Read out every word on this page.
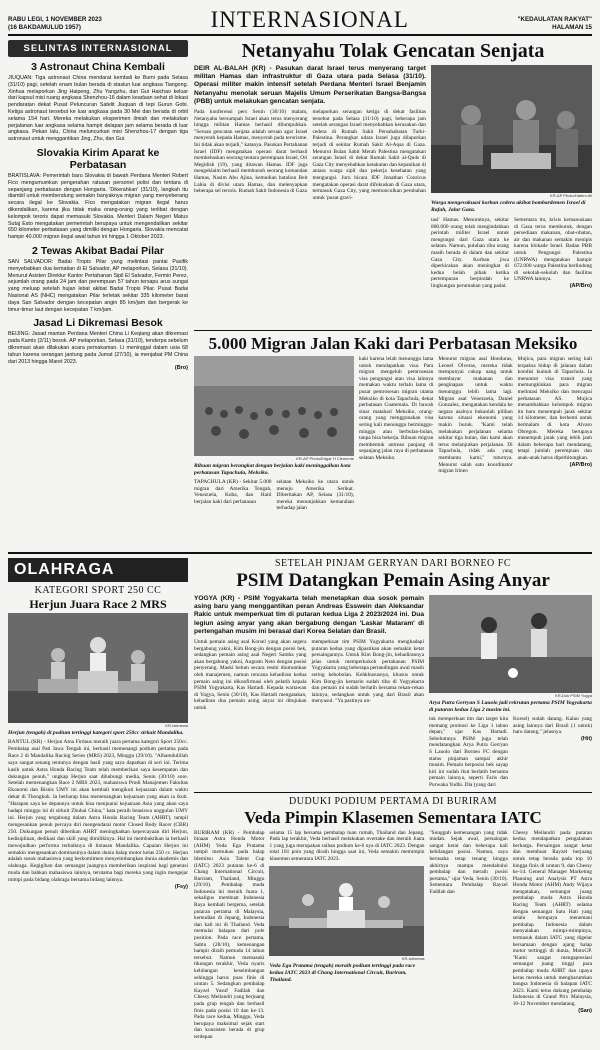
RABU LEGI, 1 NOVEMBER 2023
(16 BAKDAMULUD 1957)	INTERNASIONAL	"KEDAULATAN RAKYAT"
HALAMAN 15
SELINTAS INTERNASIONAL
3 Astronaut China Kembali

JIUQUAN: Tiga astronaut China mendarat kembali ke Bumi pada Selasa (31/10) pagi, setelah enam bulan berada di stasiun luar angkasa Tiangong. Xinhua melaporkan Jing Haipeng, Zhu Yangzhu, dan Gui Haichao keluar dari kapsul misi ruang angkasa Shenzhou-16 dalam keadaan sehat di lokasi pendaratan dekat Pusat Peluncuran Satelit Jiuquan di tepi Gurun Gobi. Ketiga astronaut tersebut ke luar angkasa pada 30 Mei dan berada di orbit selama 154 hari. Mereka melakukan eksperimen ilmiah dan melakukan perjalanan luar angkasa selama hampir delapan jam selama berada di luar angkasa. Pekan lalu, China meluncurkan misi Shenzhou-17 dengan tiga astronaut untuk menggantikan Jing, Zhu, dan Gui.

Slovakia Kirim Aparat ke Perbatasan

BRATISLAVA: Pemerintah baru Slovakia di bawah Perdana Menteri Robert Fico mengumumkan pengerahan ratusan personel polisi dan tentara di sepanjang perbatasan dengan Hongaria. 'Dikerahkan' (31/10), langkah itu diambil untuk membendung semakin banyaknya migran yang menyeberang secara ilegal ke Slovakia. Fico mengatakan migran ilegal harus dikendalikan, karena jika tidak maka orang-orang yang terlibat dengan kelompok teroris dapat memasuki Slovakia. Menteri Dalam Negeri Matus Sutaj Esto mengatakan pemerintah berupaya untuk mengendalikan sekitar 650 kilometer perbatasan yang dimiliki dengan Hongaria. Slovakia mencatat hampir 40.000 migran ilegal awal tahun ini hingga 1 Oktober 2023.

2 Tewas Akibat Badai Pilar

SAN SALVADOR: Badai Tropis Pilar yang melintasi pantai Pasifik menyebabkan dua kematian di El Salvador, AP melaporkan, Selasa (31/10). Menurut Asisten Direktur Kantor Pertahanan Sipil El Salvador, Fermin Perez, sejumlah orang pada 24 jam dan perempuan 57 tahun tersapu arus sungai yang meluap setelah hujan lebat akibat Badai Tropis Pilar. Pusat Badai Nasional AS (NHC) mengatakan Pilar terletak sekitar 335 kilometer barat daya San Salvador dengan kecepatan angin 85 km/jam dan bergerak ke timur-timur laut dengan kecepatan 7 km/jam.

Jasad Li Dikremasi Besok

BEIJING: Jasad mantan Perdana Menteri China Li Keqiang akan dikremasi pada Kamis (2/11) besok. AP melaporkan, Selasa (31/10), tenderpa sebelum dikremasi akan dilakukan acara pemakaman. Li meninggal dalam usia 68 tahun karena serangan jantung pada Jumat (27/10), ia menjabat PM China dari 2013 hingga Maret 2023.

(Bro)

Netanyahu Tolak Gencatan Senjata

DEIR AL-BALAH (KR) - Pasukan darat Israel terus menyerang target militan Hamas dan infrastruktur di Gaza utara pada Selasa (31/10). Operasi militer makin intensif setelah Perdana Menteri Israel Benjamin Netanyahu menolak seruan Majelis Umum Perserikatan Bangsa-Bangsa (PBB) untuk melakukan gencatan senjata.

Pada konferensi pers Senin (30/10) malam, Netanyahu bersumpah Israel akan terus menyerang hingga militan Hamas berhasil dilumpuhkan. "Seruan gencatan senjata adalah seruan agar Israel menyerah kepada Hamas, menyerah pada terorisme. Ini tidak akan terjadi," katanya. Pasukan Pertahanan Israel (IDF) mengatakan operasi darat berhasil membebaskan seorang tentara perempuan Israel, Ori Megidish (19), yang ditawan Hamas. IDF juga mengeklaim berhasil membunuh seorang komandan Hamas, Nasim Abu Ajina, kemudian batalion Beit Lahia di divisi utara Hamas, dan melenyapkan beberapa sel teroris. Rumah Sakit Indonesia di Gaza

melaporkan serangan ketiga di dekat fasilitas tersebut pada Selasa (31/10) pagi, beberapa jam setelah serangan Israel menyebabkan kerusakan dan cedera di Rumah Sakit Persahabatan Turki-Palestina. Perangkat udara Israel juga dilaporkan terjadi di sekitar Rumah Sakit Al-Aqsa di Gaza. Menurut Bulan Sabit Merah Palestina mengatakan serangan Israel di dekat Rumah Sakit al-Quds di Gaza City menyebabkan ketakutan dan kepanikan di antara warga sipil dan pekerja kesehatan yang mengungsi. Juru bicara IDF Jonathan Conricus mengatakan operasi darat difokuskan di Gaza utara, termasuk Gaza City, yang memunculkan perubahan untuk 'pusat gravi-	KR-AP Photo/Hatem Ali
Warga mengevakuasi korban cedera akibat bombardemen Israel di Rafah, Jalur Gaza.

tasi' Hamas. Menurutnya, sekitar 800.000 orang telah mengindahkan perintah militer Israel untuk mengungsi dari Gaza utara ke selatan. Namun, puluhan ribu orang masih berada di dalam dan sekitar Gaza City. Korban jiwa diperkirakan akan meningkat di kedua belah pihak ketika pertempuran berpindah ke lingkungan perumahan yang padat.

Sementara itu, krisis kemanusiaan di Gaza terus memburuk, dengan persediaan makanan, obat-obatan, air dan makanan semakin menipis karena blokade Israel. Badan PBB untuk Pengungsi Palestina (UNRWA) mengatakan hampir 672.000 warga Palestina berlindung di sekolah-sekolah dan fasilitas UNRWA lainnya.

(AP/Bro)

5.000 Migran Jalan Kaki dari Perbatasan Meksiko
KR-AP Photo/Edgar H Clemente
Ribuan migran berangkat dengan berjalan kaki meninggalkan kota perbatasan Tapachula, Meksiko.

TAPACHULA (KR) - Sekitar 5.000 migran dari Amerika Tengah, Venezuela, Kuba, dan Haiti berjalan kaki dari perbatasan

selatan Meksiko ke utara untuk menuju Amerika Serikat. Diberitakan AP, Selasa (31/10), mereka menunjukkan kemarahan terhadap jalan

kaki karena lelah menunggu lama untuk mendapatkan visa. Para migran mengeluh pemrosesan visa pengungsi atau visa lainnya memakan waktu terlalu lama di pusat pemrosesan migran utama Meksiko di kota Tapachula, dekat perbatasan Guatemala. Di bawah sinar matahari Meksiko, orang-orang yang menggunakan visa sering kali menunggu berminggu-minggu atau berbulan-bulan, tanpa bisa bekerja. Ribuan migran membentuk antrean panjang di sepanjang jalan raya di perbatasan selatan Meksiko.

Menurut migran asal Honduras, Leonel Olveras, mereka tidak mempunyai cukup uang untuk membayar makanan dan penginapan untuk waktu menunggu lebih lama lagi. Migran asal Venezuela, Daniel Gonzalez, mengatakan kendala ke negara asalnya bukanlah pilihan karena situasi ekonomi yang makin buruk. "Kami telah melakukan perjalanan selama sekitar tiga bulan, dan kami akan terus melanjutkan perjalanan. Di Tapachula, tidak ada yang membantu kami," tuturnya. Menurut salah satu koordinator migran Irineo

Mujica, para migran sering kali terpaksa hidup di jalanan dalam kondisi kumuh di Tapachula. Ia menuntut visa transit yang memungkinkan para migran melintasi Meksiko dan mencapai perbatasan AS. Mujica menambahkan kelompok migran itu baru menempuh jarak sekitar 14 kilometer, dan berhenti untuk bermalam di kota Alvaro Obregon. Mereka berupaya menempuh jarak yang lebih jauh dalam beberapa hari mendatang, tetapi jumlah perempuan dan anak-anak harus diperhitungkan.

(AP/Bro)

OLAHRAGA
KATEGORI SPORT 250 CC
Herjun Juara Race 2 MRS
KR-Istimewa
Herjun (tengah) di podium tertinggi kategori sport 250cc sirkuit Mandalika.

BANTUL (KR) - Herjun Atna Firdaus meraih juara pertama kategori Sport 250cc. Pembalap asal Pati Jawa Tengah ini, berhasil memenangi podium pertama pada Race 2 di Mandalika Racing Series (MRS) 2023, Minggu (29/10). "Alhamdulillah saya sangat senang tentunya dengan hasil yang saya dapatkan di seri ini. Terima kasih untuk Astra Honda Racing Team telah memberikan saya kesempatan dan dukungan penuh," ungkap Herjun saat dihubungi media, Senin (30/10) sore. Setelah memenangkan Race 2 MRS 2023, mahasiswa Prodi Manajemen Fakultas Ekonomi dan Bisnis UMY ini akan kembali mengikuti kejuaraan dalam waktu dekat di Thongkok. Ia berharap bisa memenangkan kejuaraan yang akan ia ikuti. "Harapan saya ke depannya untuk bisa menjuarai kejuaraan Asia yang akan saya hadapi minggu ini di sirkuit Zhuhai China," kata peraih beasiswa unggulan UMY ini. Herjun yang tergabung dalam Astra Honda Racing Team (AHRT), tampil mengesankan penuh percaya diri mengendarai motor Closed Body Racer (CBR) 250. Dukungan penuh diberikan AHRT meningkatkan kepercayaan diri Herjun, kedisiplinan, dedikasi dan skill yang dimilikinya. Hal ini membuktikan ia berhasil mewujudkan performa terbaiknya di lintasan Mandalika. Capaian Herjun ini semakin mengesankan dominasinya dalam dunia balap motor kelas 250 cc. Herjun adalah sosok mahasiswa yang berkomitmen menyeimbangkan dunia akademis dan olahraga. Kegigihan dan semangat juangnya memberikan inspirasi bagi generasi muda dan bahkan mahasiswa lainnya, terutama bagi mereka yang ingin mengejar mimpi pada bidang olahraga bersama bidang lainnya.

(Fsy)

SETELAH PINJAM GERRYAN DARI BORNEO FC
PSIM Datangkan Pemain Asing Anyar

YOGYA (KR) - PSIM Yogyakarta telah menetapkan dua sosok pemain asing baru yang menggantikan peran Andreas Esswein dan Aleksandar Rakic untuk memperkuat tim di putaran kedua Liga 2 2023/2024 ini. Dua legiun asing anyar yang akan bergabung dengan 'Laskar Mataram' di pertengahan musim ini berasal dari Korea Selatan dan Brasil.

Untuk pemain asing asal Korsel yang akan segera bergabung yakni, Kim Bong-jin dengan posisi bek, sedangkan pemain asing asal Negeri Samba yang akan bergabung yakni, Augusto Neto dengan posisi penyerang. Maski belum secara resmi diumumkan oleh manajemen, namun rencana kehadiran kedua pemain asing ini dikonfirmasi oleh pelatih kepala PSIM Yogyakarta, Kas Hartadi. Kepada wartawan di Yogya, Senin (30/10), Kas Hartadi mengatakan, kehadiran dua pemain asing anyar ini ditujukan untuk

memperkuat tim PSIM Yogyakarta menghadapi putaran kedua yang dipastikan akan semakin ketat persaingannya. Untuk Kim Bong-jin, kehadirannya jelas untuk memperkokoh pertahanan PSIM Yogyakarta yang beberapa pertandingan awal masih sering kebobolan. Kehkhususnya, khusus untuk Kim Bong-jin kemarin sudah tiba di Yogyakarta dan pemain ini sudah berlatih bersama rekan-rekan lainnya, sedangkan untuk yang dari Brasil akan menyusul. "Ya pastinya un-

KR-Dok PSIM Yogya
Arya Putra Gerryan S Lauolo jadi rekrutan pertama PSIM Yogyakarta di putaran kedua Liga 2 musim ini.

tuk memperkuat tim dan target kita memang promosi ke Liga 1 tahun depan," ujar Kas Hartadi. Sebelumnya PSIM juga telah mendatangkan Arya Putra Gerryan S Lauolo dari Borneo FC dengan status pinjaman sampai akhir musim. Pemain berposisi bek sayap kiri ini sudah ikut berlatih bersama pemain lainnya, seperti Faris dan Purwaka Yudhi. Dia (yang dari

Korsel) sudah datang. Kalau yang asing lainnya dari Brasil (1 untuk) baru datang," jelasnya.

(Hit)

DUDUKI PODIUM PERTAMA DI BURIRAM
Veda Pimpin Klasemen Sementara IATC

BURIRAM (KR) - Pembalap binaan Astra Honda Motor (AHM) Veda Ega Pratama tampil memukau pada balap Idemitsu Asia Talent Cup (IATC) 2023 putaran ke-6 di Chang International Circuit, Buriram, Thailand, Minggu (29/10). Pembalap muda Indonesia ini meraih Juara 1, sekaligus membuat Indonesia Raya kembali bergema, setelah putaran pertama di Malaysia, kemudian di Jepang, Indonesia dan kali ini di Thailand. Veda memulai balapan dari pole position. Pada race pertama, Sabtu (28/10), kemenangan hampir diraih pemuda 14 tahun tersebut. Namun memasuki tikungan terakhir, Veda nyaris kehilangan keseimbangan sehingga harus puas finis di urutan 5. Sedangkan pembalap Kayzel Yusuf Fadilah dan Chessy Meilandri yang berjuang pada grup tengah dan berhasil finis pada posisi 10 dan ke-13. Pada race kedua, Minggu, Veda berupaya maksimal sejak start dan konsisten berada di grup terdepan

selama 15 lap bersama pembalap tuan rumah, Thailand dan Jepang. Pada lap terakhir, Veda berhasil melakukan overtake dan meraih Juara 1 yang juga merupakan raihan podium ke-6 nya di IATC 2023. Dengan total 181 poin yang diraih hingga saat ini, Veda semakin memimpin klasemen sementara IATC 2023.

KR-Istimewa
Veda Ega Pratama (tengah) meraih podium tertinggi pada race kedua IATC 2023 di Chang International Circuit, Buriram, Thailand.

"Sungguh kemenangan yang tidak mudah. Sejak awal, persaingan sangat ketat dan beberapa kali kehilangan posisi. Namun, saya berusaha tetap tenang hingga akhirnya mampu mendahului pembalap dan meraih posisi pertama," ujar Veda, Senin (30/10). Sementara Pembalap Rayzel Fadilah dan

Chessy Meilandri pada putaran kedua mendapatkan pengalaman berharga. Persaingan sangat ketat dan membuat Rayzel berjuang untuk tetap berada pada top 10 hingga finis di urutan 9, dan Chessy ke-14. General Manager Marketing Planning and Analysis PT Astra Honda Motor (AHM) Andy Wijaya mengatakan, semangat juang pembalap muda Astra Honda Racing Team (AHRT) selama dengan semangat Satu Hati yang selalu berupaya menemani pembalap Indonesia dalam menyalakan mimpi-mimpinya, termasuk dalam IATC yang digelar bersamaan dengan ajang balap motor tertinggi di dunia, MotoGP. "Kami sangat mengapresiasi semangat juang tinggi para pembalap muda AHRT dan upaya keras mereka untuk mengharumkan bangsa Indonesia di balapan IATC 2023. Kami terus dukung pembalap Indonesia di Grand Prix Malaysia, 10-12 November mendatang.

(San)
